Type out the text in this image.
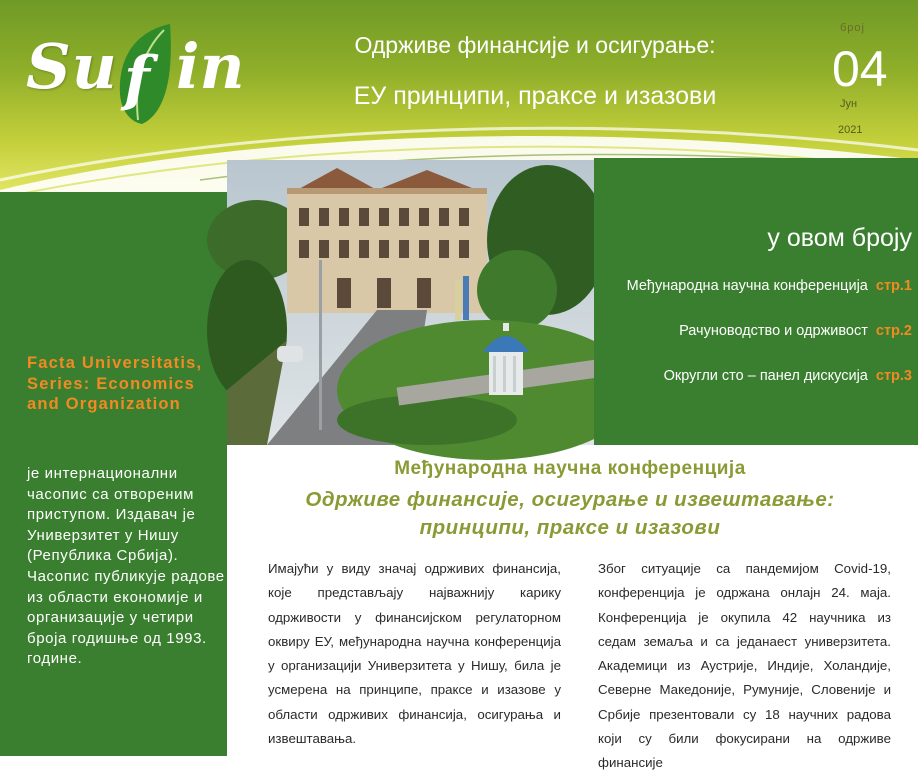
Su f in	Одрживе финансије и осигурање:
ЕУ принципи, праксе и изазови
број
04
Јун
2021
Facta Universitatis, Series: Economics and Organization
је интернационални часопис са отвореним приступом. Издавач је Универзитет у Нишу (Република Србија). Часопис публикује радове из области економије и организације у четири броја годишње од 1993. године.
у овом броју
Међународна научна конференција стр.1
Рачуноводство и одрживост стр.2
Округли сто – панел дискусија стр.3
Међународна научна конференција
Одрживе финансије, осигурање и извештавање:
принципи, праксе и изазови
Имајући у виду значај одрживих финансија, које представљају најважнију карику одрживости у финансијском регулаторном оквиру ЕУ, међународна научна конференција у организацији Универзитета у Нишу, била је усмерена на принципе, праксе и изазове у области одрживих финансија, осигурања и извештавања.
Због ситуације са пандемијом Covid-19, конференција је одржана онлајн 24. маја. Конференција је окупила 42 научника из седам земаља и са једанаест универзитета. Академици из Аустрије, Индије, Холандије, Северне Македоније, Румуније, Словеније и Србије презентовали су 18 научних радова који су били фокусирани на одрживе финансије
